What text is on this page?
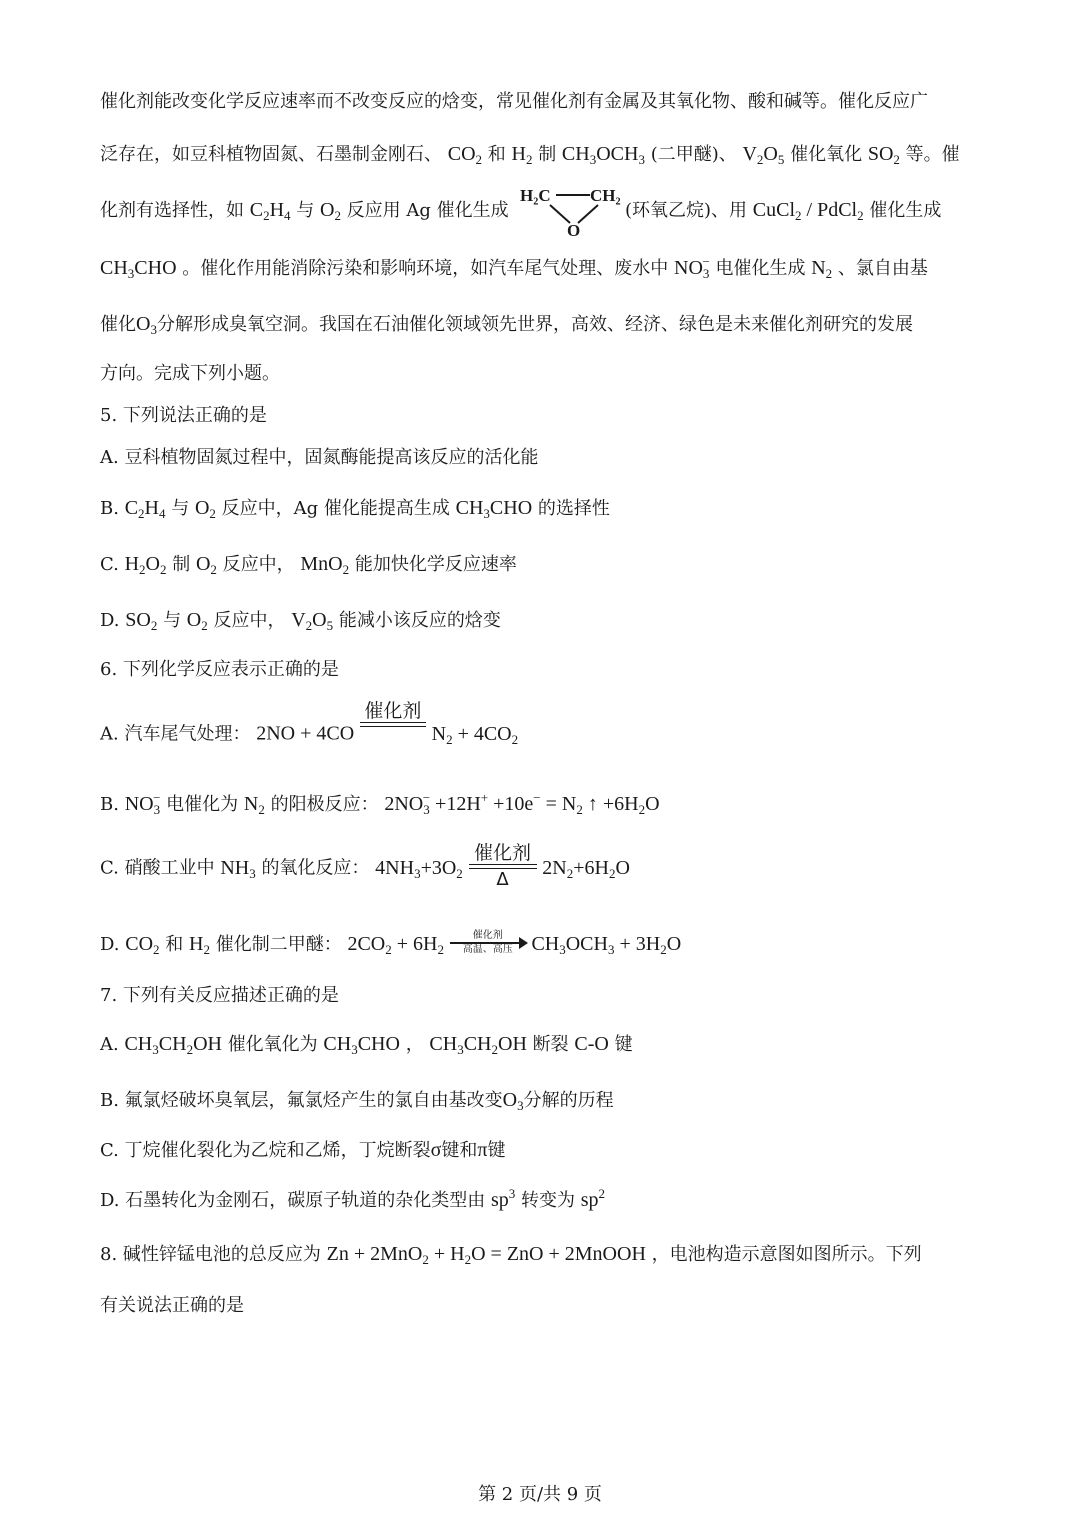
催化剂能改变化学反应速率而不改变反应的焓变，常见催化剂有金属及其氧化物、酸和碱等。催化反应广
泛存在，如豆科植物固氮、石墨制金刚石、 $CO_2$ 和 $H_2$ 制 $CH_3OCH_3$ (二甲醚)、 $V_2O_5$ 催化氧化 $SO_2$ 等。催
化剂有选择性，如 $C_2H_4$ 与 $O_2$ 反应用 Ag 催化生成
H₂C CH₂
O
(环氧乙烷)、用 CuCl$_2$ / PdCl$_2$ 催化生成
$CH_3CHO$ 。催化作用能消除污染和影响环境，如汽车尾气处理、废水中 $NO_3^-$ 电催化生成 $N_2$ 、氯自由基
催化$O_3$分解形成臭氧空洞。我国在石油催化领域领先世界，高效、经济、绿色是未来催化剂研究的发展
方向。完成下列小题。
5. 下列说法正确的是
A. 豆科植物固氮过程中，固氮酶能提高该反应的活化能
B. $C_2H_4$ 与 $O_2$ 反应中，Ag 催化能提高生成 $CH_3CHO$ 的选择性
C. $H_2O_2$ 制 $O_2$ 反应中， MnO$_2$ 能加快化学反应速率
D. $SO_2$ 与 $O_2$ 反应中， $V_2O_5$ 能减小该反应的焓变
6. 下列化学反应表示正确的是
A. 汽车尾气处理： 2NO + 4CO
催化剂
$N_2 + 4CO_2$
B. $NO_3^-$ 电催化为 $N_2$ 的阳极反应： $2NO_3^- +12H^+ +10e^- = N_2$ ↑ $+6H_2O$
C. 硝酸工业中 $NH_3$ 的氧化反应： $4NH_3+3O_2$
催化剂
Δ
$2N_2+6H_2O$
D. $CO_2$ 和 $H_2$ 催化制二甲醚： $2CO_2 + 6H_2$
催化剂
高温、高压 $CH_3OCH_3 + 3H_2O$
7. 下列有关反应描述正确的是
A. $CH_3CH_2OH$ 催化氧化为 $CH_3CHO$ ， $CH_3CH_2OH$ 断裂 C-O 键
B. 氟氯烃破坏臭氧层，氟氯烃产生的氯自由基改变$O_3$分解的历程
C. 丁烷催化裂化为乙烷和乙烯，丁烷断裂σ键和π键
D. 石墨转化为金刚石，碳原子轨道的杂化类型由 $sp^3$ 转变为 $sp^2$
8. 碱性锌锰电池的总反应为 $Zn + 2MnO_2 + H_2O$ = ZnO + 2MnOOH ，电池构造示意图如图所示。下列
有关说法正确的是
第 2 页/共 9 页
